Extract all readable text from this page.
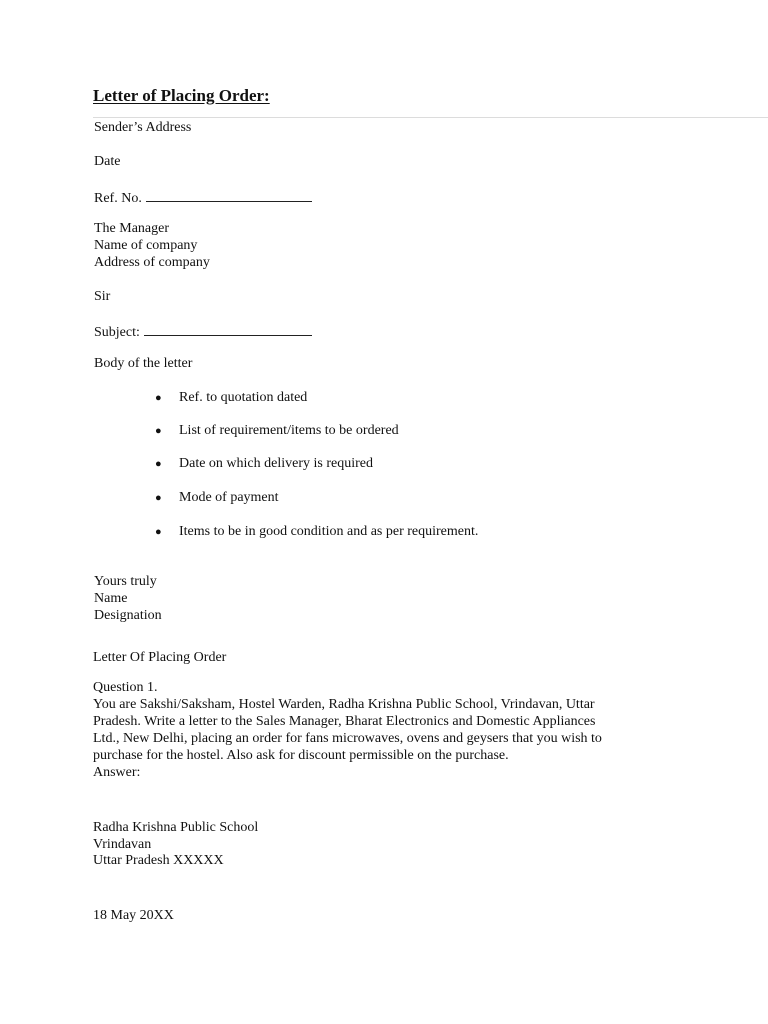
Letter of Placing Order:
Sender’s Address
Date
Ref. No.
The Manager
Name of company
Address of company
Sir
Subject:
Body of the letter
● Ref. to quotation dated
● List of requirement/items to be ordered
● Date on which delivery is required
● Mode of payment
● Items to be in good condition and as per requirement.
Yours truly
Name
Designation
Letter Of Placing Order
Question 1.
You are Sakshi/Saksham, Hostel Warden, Radha Krishna Public School, Vrindavan, Uttar
Pradesh. Write a letter to the Sales Manager, Bharat Electronics and Domestic Appliances
Ltd., New Delhi, placing an order for fans microwaves, ovens and geysers that you wish to
purchase for the hostel. Also ask for discount permissible on the purchase.
Answer:
Radha Krishna Public School
Vrindavan
Uttar Pradesh XXXXX
18 May 20XX
